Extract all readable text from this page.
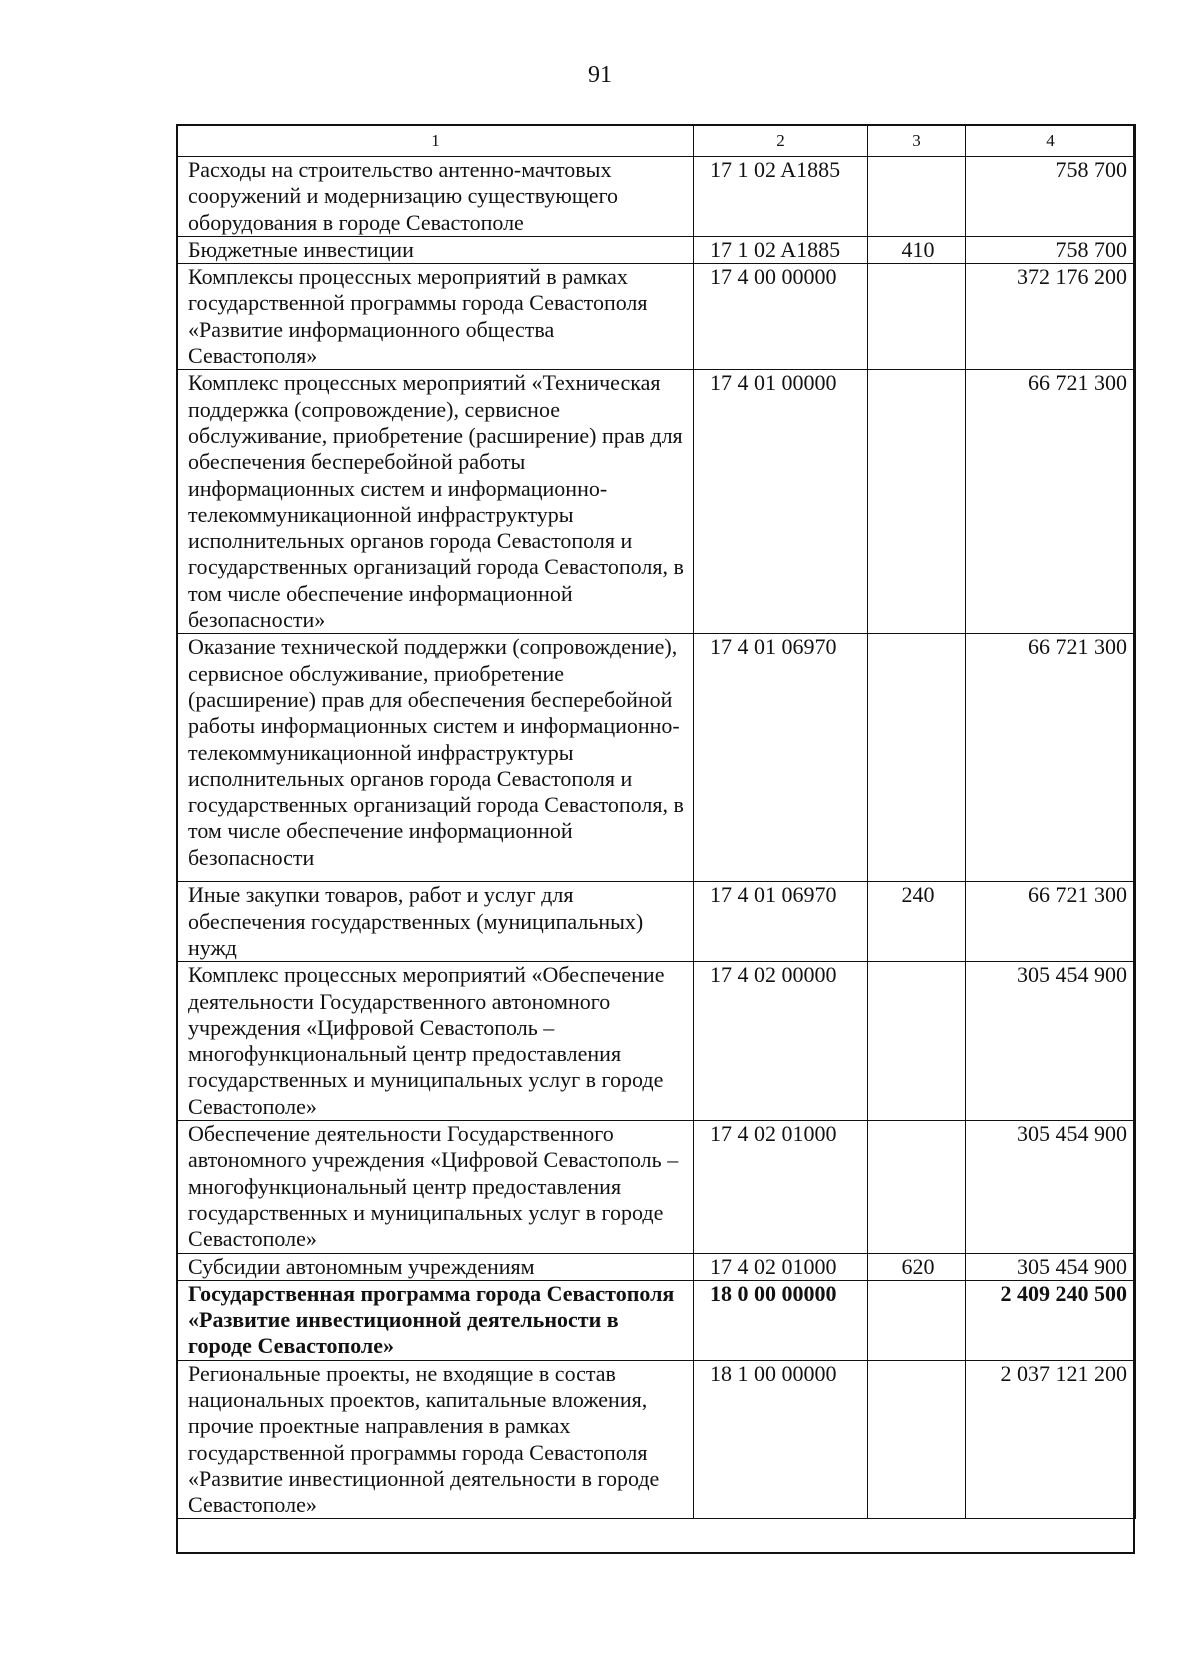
91
1	2	3	4
Расходы на строительство антенно-мачтовых сооружений и модернизацию существующего оборудования в городе Севастополе	17 1 02 A1885		758 700
Бюджетные инвестиции	17 1 02 A1885	410	758 700
Комплексы процессных мероприятий в рамках государственной программы города Севастополя «Развитие информационного общества Севастополя»	17 4 00 00000		372 176 200
Комплекс процессных мероприятий «Техническая поддержка (сопровождение), сервисное обслуживание, приобретение (расширение) прав для обеспечения бесперебойной работы информационных систем и информационно-телекоммуникационной инфраструктуры исполнительных органов города Севастополя и государственных организаций города Севастополя, в том числе обеспечение информационной безопасности»	17 4 01 00000		66 721 300
Оказание технической поддержки (сопровождение), сервисное обслуживание, приобретение (расширение) прав для обеспечения бесперебойной работы информационных систем и информационно-телекоммуникационной инфраструктуры исполнительных органов города Севастополя и государственных организаций города Севастополя, в том числе обеспечение информационной безопасности	17 4 01 06970		66 721 300
Иные закупки товаров, работ и услуг для обеспечения государственных (муниципальных) нужд	17 4 01 06970	240	66 721 300
Комплекс процессных мероприятий «Обеспечение деятельности Государственного автономного учреждения «Цифровой Севастополь – многофункциональный центр предоставления государственных и муниципальных услуг в городе Севастополе»	17 4 02 00000		305 454 900
Обеспечение деятельности Государственного автономного учреждения «Цифровой Севастополь – многофункциональный центр предоставления государственных и муниципальных услуг в городе Севастополе»	17 4 02 01000		305 454 900
Субсидии автономным учреждениям	17 4 02 01000	620	305 454 900
Государственная программа города Севастополя «Развитие инвестиционной деятельности в городе Севастополе»	18 0 00 00000		2 409 240 500
Региональные проекты, не входящие в состав национальных проектов, капитальные вложения, прочие проектные направления в рамках государственной программы города Севастополя «Развитие инвестиционной деятельности в городе Севастополе»	18 1 00 00000		2 037 121 200
